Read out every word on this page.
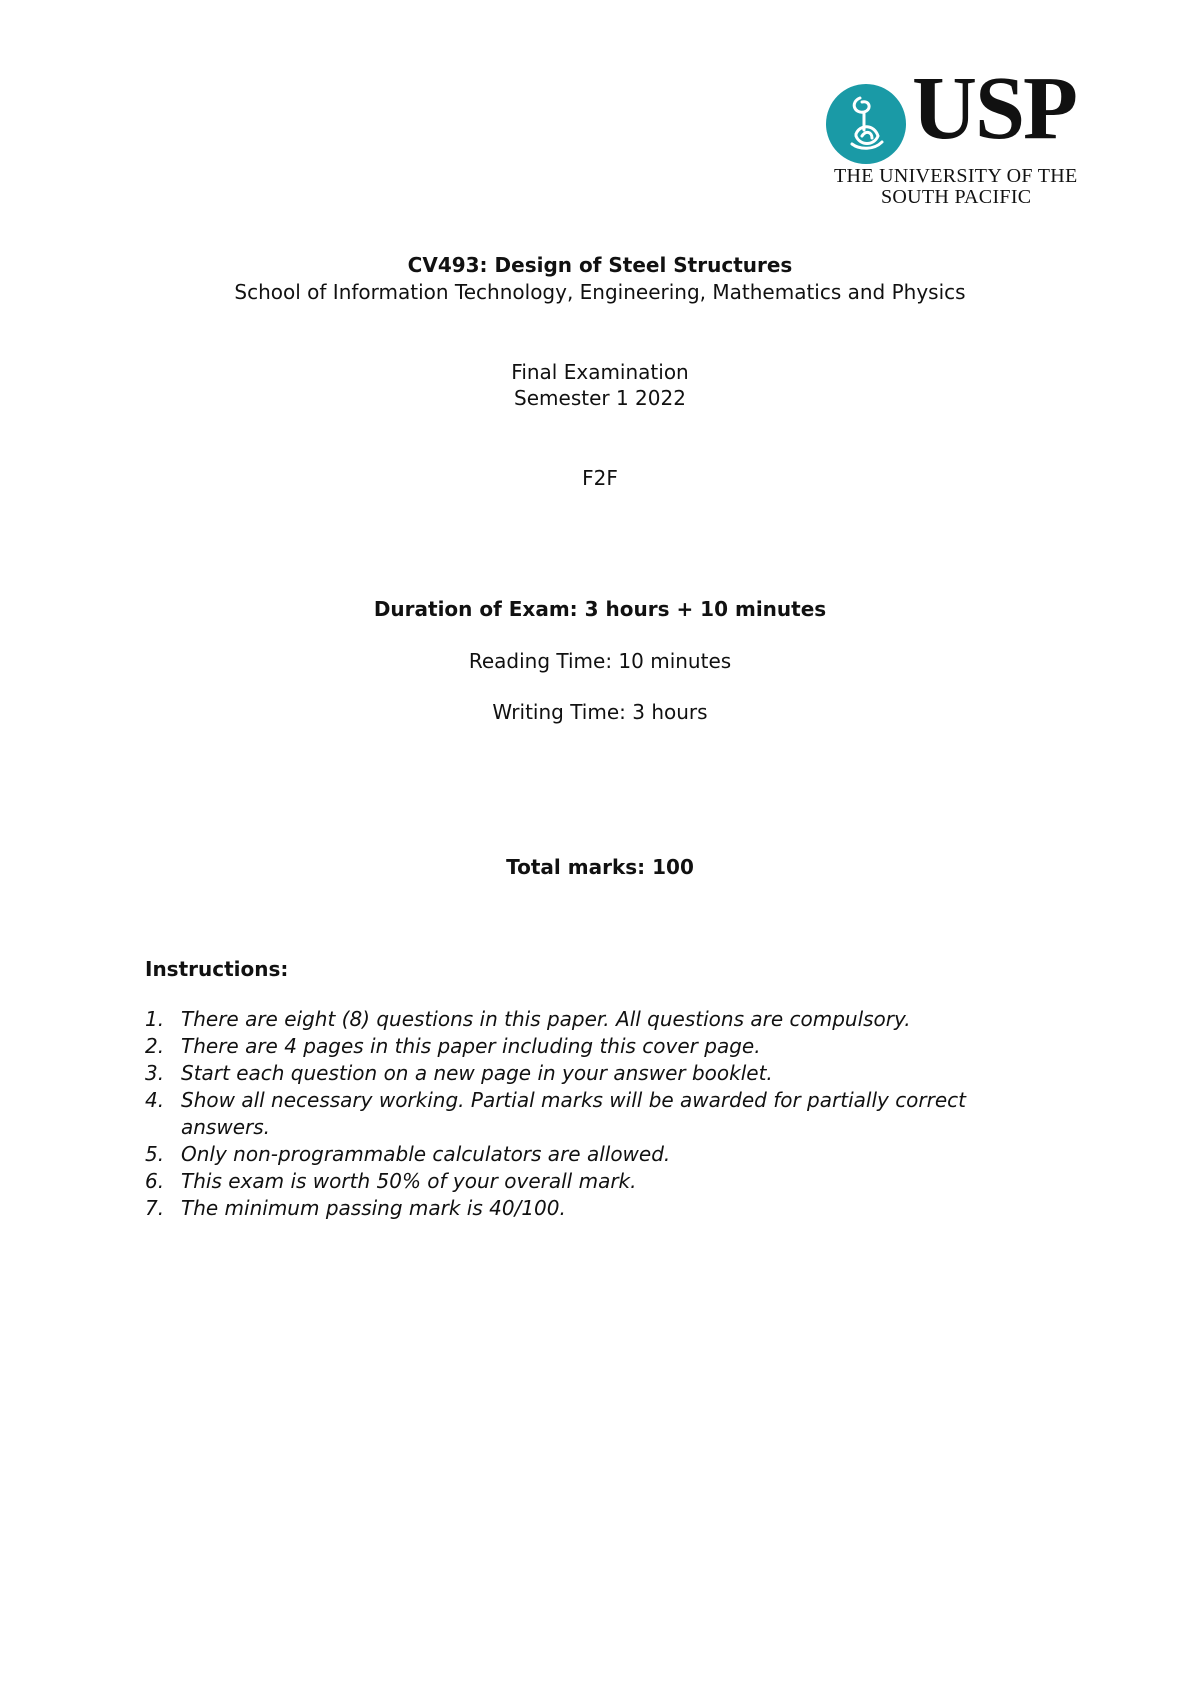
USP
THE UNIVERSITY OF THE
SOUTH PACIFIC
CV493: Design of Steel Structures
School of Information Technology, Engineering, Mathematics and Physics
Final Examination
Semester 1 2022
F2F
Duration of Exam: 3 hours + 10 minutes
Reading Time: 10 minutes
Writing Time: 3 hours
Total marks: 100
Instructions:
1. There are eight (8) questions in this paper. All questions are compulsory.
2. There are 4 pages in this paper including this cover page.
3. Start each question on a new page in your answer booklet.
4. Show all necessary working. Partial marks will be awarded for partially correct answers.
5. Only non-programmable calculators are allowed.
6. This exam is worth 50% of your overall mark.
7. The minimum passing mark is 40/100.
